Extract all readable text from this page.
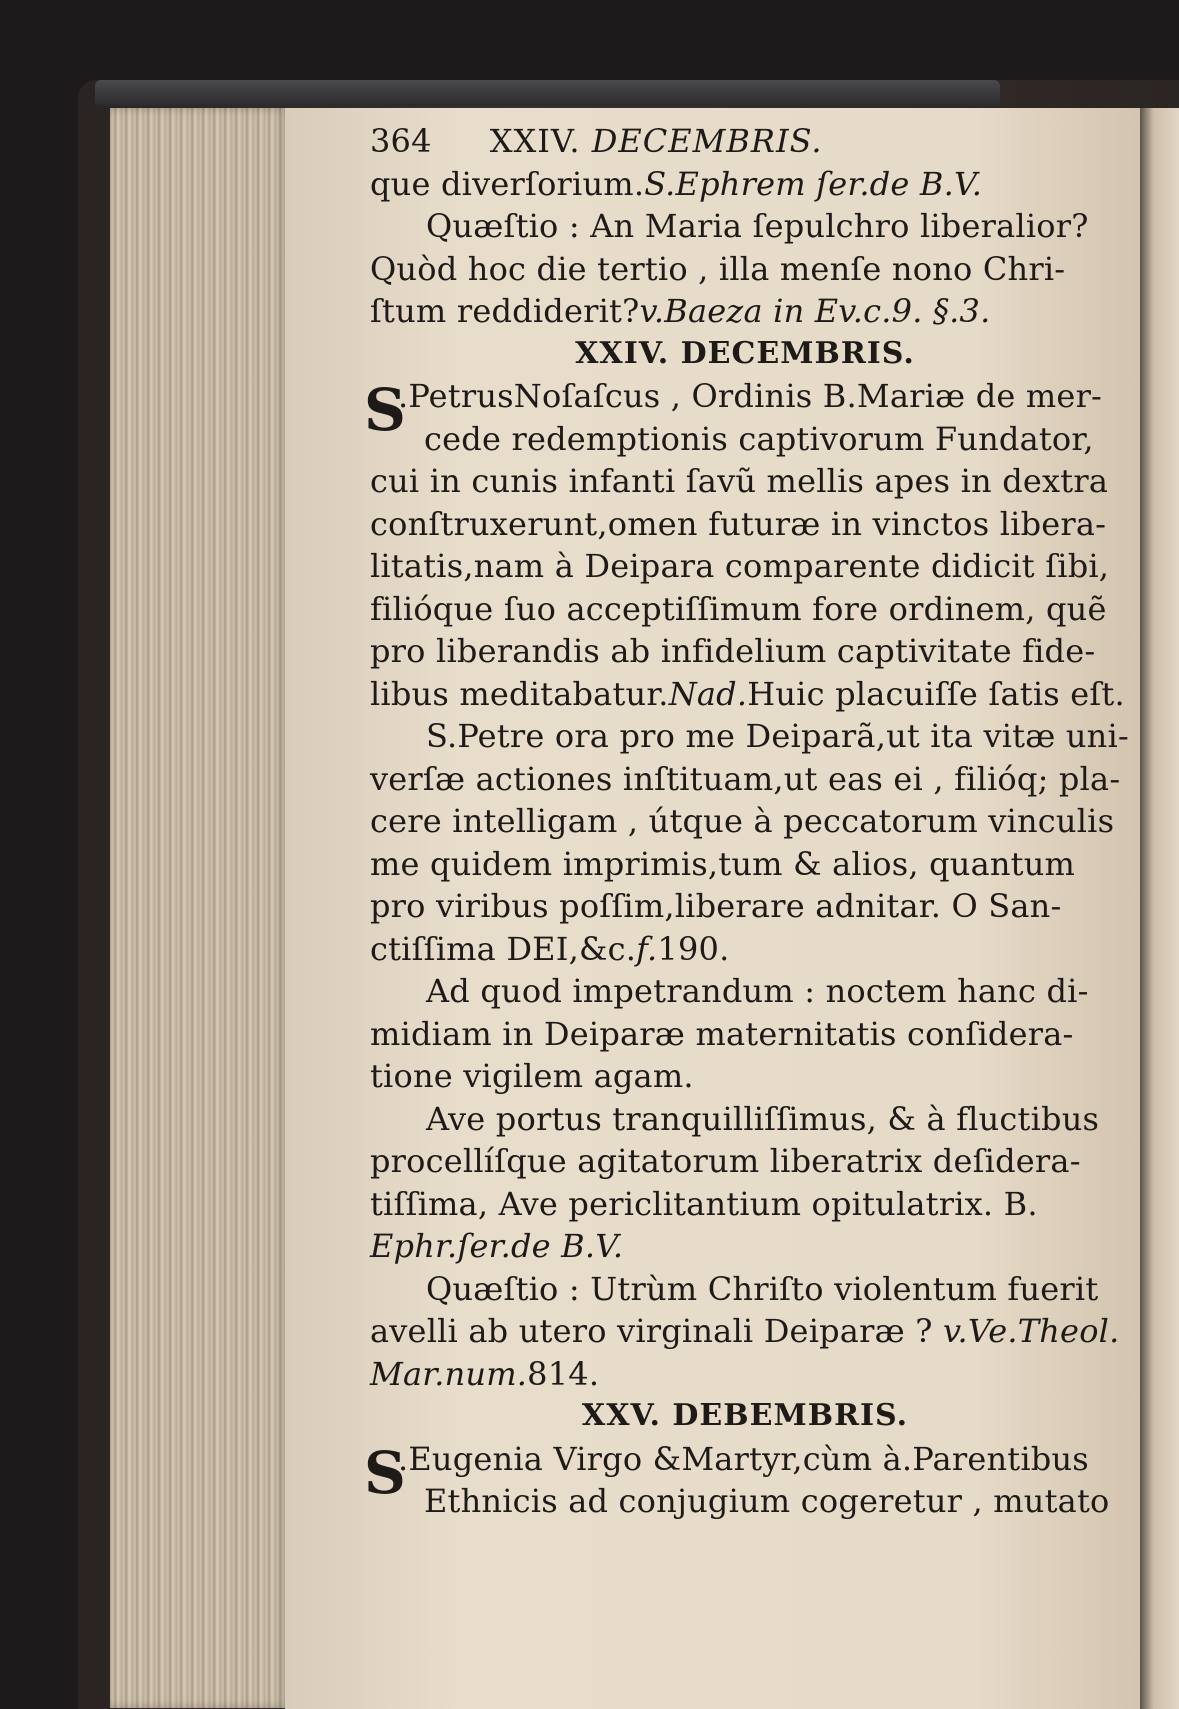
364 XXIV. DECEMBRIS.

que diverſorium.S.Ephrem ſer.de B.V.

Quæſtio : An Maria ſepulchro liberalior?

Quòd hoc die tertio , illa menſe nono Chri-

ſtum reddiderit?v.Baeza in Ev.c.9. §.3.

XXIV. DECEMBRIS.

S

.PetrusNoſaſcus , Ordinis B.Mariæ de mer-

cede redemptionis captivorum Fundator,

cui in cunis infanti ſavũ mellis apes in dextra

conſtruxerunt,omen futuræ in vinctos libera-

litatis,nam à Deipara comparente didicit ſibi,

filióque ſuo acceptiſſimum fore ordinem, quẽ

pro liberandis ab infidelium captivitate fide-

libus meditabatur.Nad.Huic placuiſſe ſatis eſt.

S.Petre ora pro me Deiparã,ut ita vitæ uni-

verſæ actiones inſtituam,ut eas ei , filióq; pla-

cere intelligam , útque à peccatorum vinculis

me quidem imprimis,tum & alios, quantum

pro viribus poſſim,liberare adnitar. O San-

ctiſſima DEI,&c.f.190.

Ad quod impetrandum : noctem hanc di-

midiam in Deiparæ maternitatis conſidera-

tione vigilem agam.

Ave portus tranquilliſſimus, & à fluctibus

procellíſque agitatorum liberatrix deſidera-

tiſſima, Ave periclitantium opitulatrix. B.

Ephr.ſer.de B.V.

Quæſtio : Utrùm Chriſto violentum fuerit

avelli ab utero virginali Deiparæ ? v.Ve.Theol.

Mar.num.814.

XXV. DEBEMBRIS.

S

.Eugenia Virgo &Martyr,cùm à.Parentibus

Ethnicis ad conjugium cogeretur , mutato
